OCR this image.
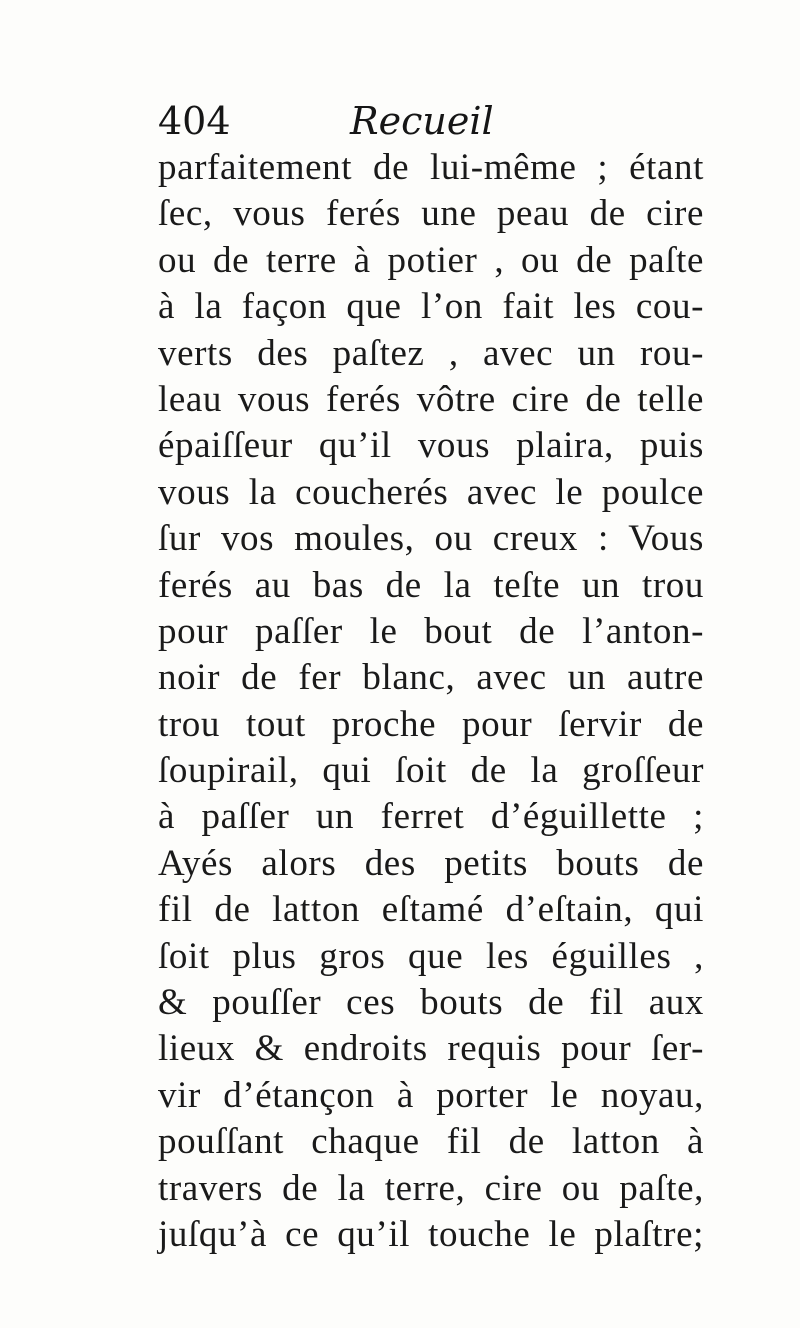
404	Recueil
parfaitement de lui-même ; étant
ſec, vous ferés une peau de cire
ou de terre à potier , ou de paſte
à la façon que l’on fait les cou-
verts des paſtez , avec un rou-
leau vous ferés vôtre cire de telle
épaiſſeur qu’il vous plaira, puis
vous la coucherés avec le poulce
ſur vos moules, ou creux : Vous
ferés au bas de la teſte un trou
pour paſſer le bout de l’anton-
noir de fer blanc, avec un autre
trou tout proche pour ſervir de
ſoupirail, qui ſoit de la groſſeur
à paſſer un ferret d’éguillette ;
Ayés alors des petits bouts de
fil de latton eſtamé d’eſtain, qui
ſoit plus gros que les éguilles ,
& pouſſer ces bouts de fil aux
lieux & endroits requis pour ſer-
vir d’étançon à porter le noyau,
pouſſant chaque fil de latton à
travers de la terre, cire ou paſte,
juſqu’à ce qu’il touche le plaſtre;
